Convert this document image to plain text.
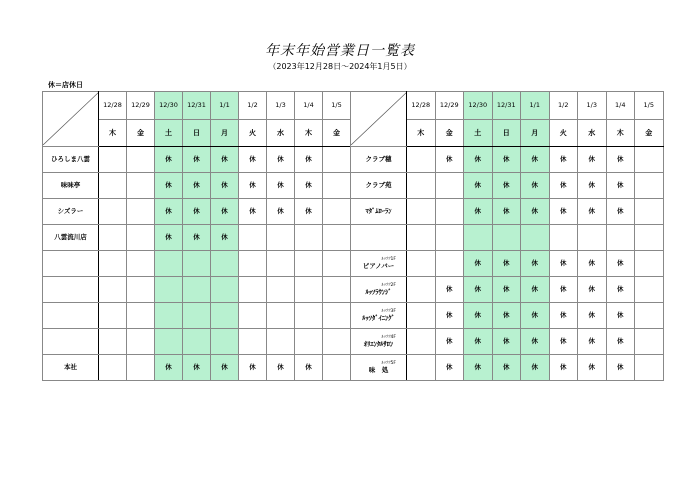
年末年始営業日一覧表
（2023年12月28日～2024年1月5日）
休＝店休日
	12/28	12/29	12/30	12/31	1/1	1/2	1/3	1/4	1/5
	木	金	土	日	月	火	水	木	金
ひろしま八雲			休	休	休	休	休	休	
味味亭			休	休	休	休	休	休	
シズラー			休	休	休	休	休	休	
八雲流川店			休	休	休				

本社			休	休	休	休	休	休	
	12/28	12/29	12/30	12/31	1/1	1/2	1/3	1/4	1/5
	木	金	土	日	月	火	水	木	金
クラブ穂		休	休	休	休	休	休	休	
クラブ苑			休	休	休	休	休	休	
ﾏﾀﾞﾑﾛｰﾗﾝ			休	休	休	休	休	休	

ﾙｯｿﾂ1F
ピアノバー			休	休	休	休	休	休	

ﾙｯｿﾂ2F
ﾙｯｿﾗｳﾝｼﾞ		休	休	休	休	休	休	休	

ﾙｯｿﾂ3F
ﾙｯｿﾀﾞｲﾆﾝｸﾞ		休	休	休	休	休	休	休	

ﾙｯｿﾂ4F
ｵﾘｴﾝﾀﾙｻﾛﾝ		休	休	休	休	休	休	休	

ﾙｯｿﾂ5F
味　処		休	休	休	休	休	休	休	
